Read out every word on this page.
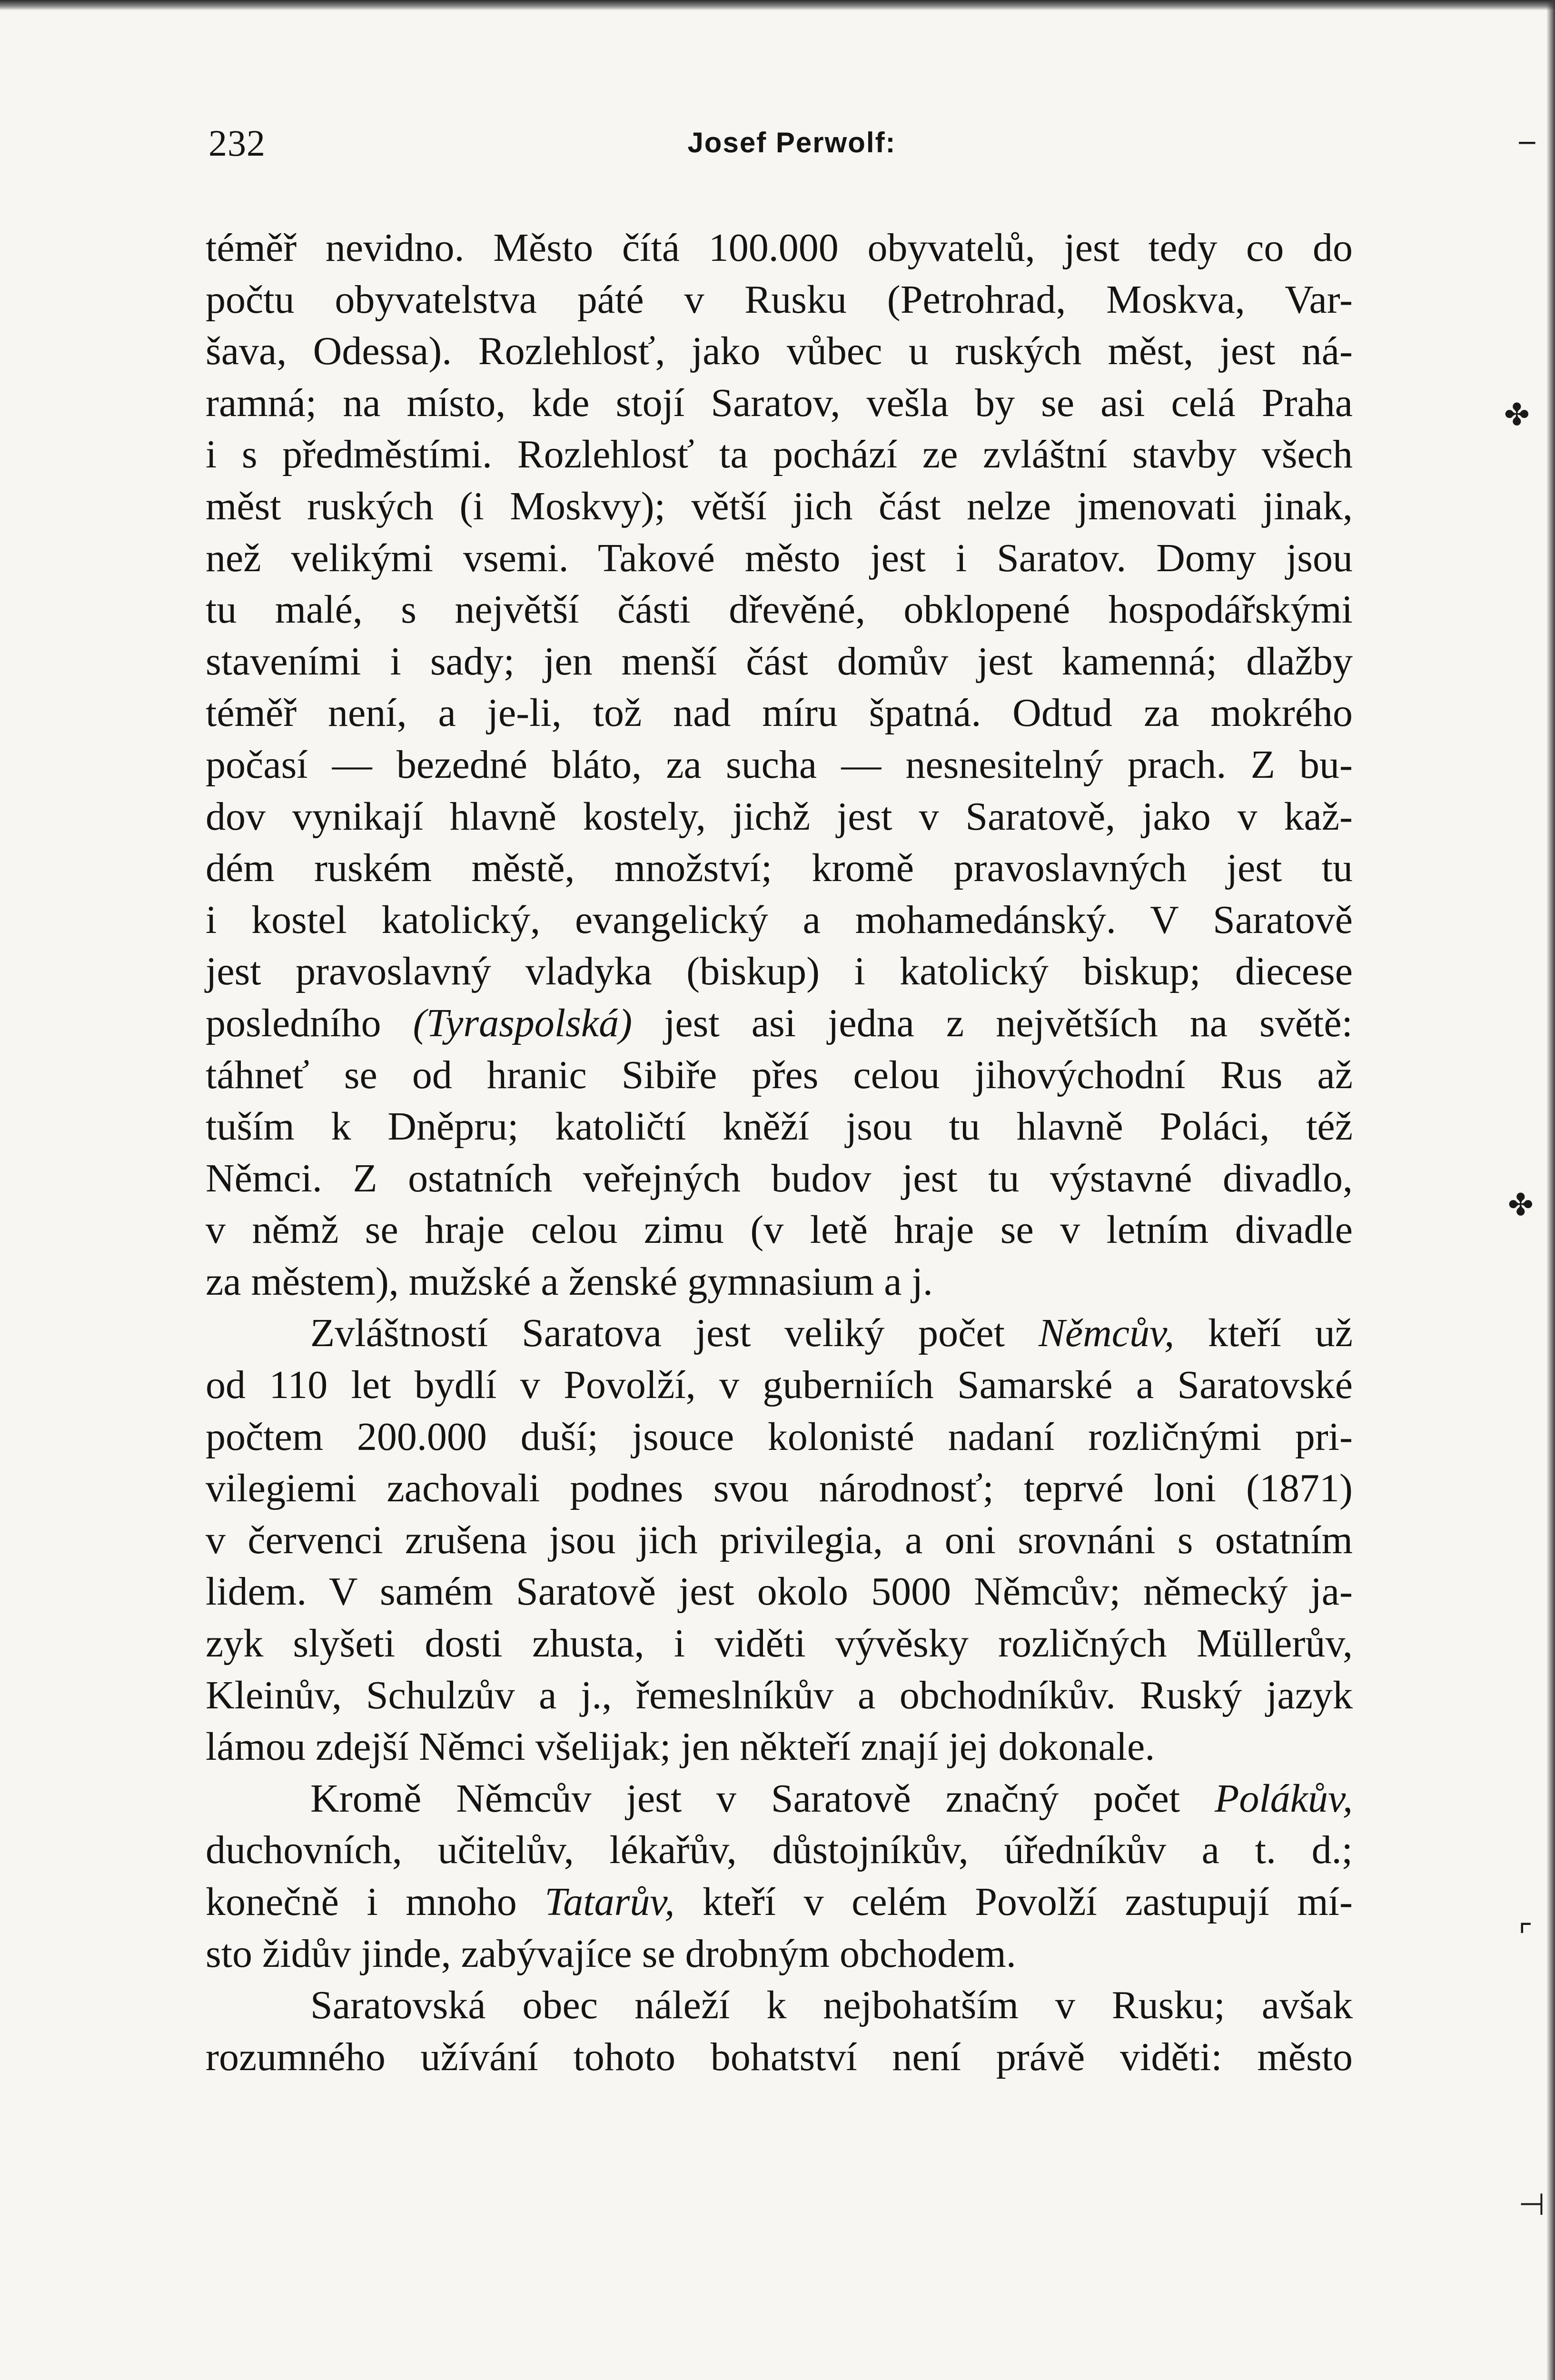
232	Josef Perwolf:
téměř nevidno. Město čítá 100.000 obyvatelů, jest tedy co do
počtu obyvatelstva páté v Rusku (Petrohrad, Moskva, Var-
šava, Odessa). Rozlehlosť, jako vůbec u ruských měst, jest ná-
ramná; na místo, kde stojí Saratov, vešla by se asi celá Praha
i s předměstími. Rozlehlosť ta pochází ze zvláštní stavby všech
měst ruských (i Moskvy); větší jich část nelze jmenovati jinak,
než velikými vsemi. Takové město jest i Saratov. Domy jsou
tu malé, s největší části dřevěné, obklopené hospodářskými
staveními i sady; jen menší část domův jest kamenná; dlažby
téměř není, a je-li, tož nad míru špatná. Odtud za mokrého
počasí — bezedné bláto, za sucha — nesnesitelný prach. Z bu-
dov vynikají hlavně kostely, jichž jest v Saratově, jako v kaž-
dém ruském městě, množství; kromě pravoslavných jest tu
i kostel katolický, evangelický a mohamedánský. V Saratově
jest pravoslavný vladyka (biskup) i katolický biskup; diecese
posledního (Tyraspolská) jest asi jedna z největších na světě:
táhneť se od hranic Sibiře přes celou jihovýchodní Rus až
tuším k Dněpru; katoličtí kněží jsou tu hlavně Poláci, též
Němci. Z ostatních veřejných budov jest tu výstavné divadlo,
v němž se hraje celou zimu (v letě hraje se v letním divadle
za městem), mužské a ženské gymnasium a j.
Zvláštností Saratova jest veliký počet Němcův, kteří už
od 110 let bydlí v Povolží, v guberniích Samarské a Saratovské
počtem 200.000 duší; jsouce kolonisté nadaní rozličnými pri-
vilegiemi zachovali podnes svou národnosť; teprvé loni (1871)
v červenci zrušena jsou jich privilegia, a oni srovnáni s ostatním
lidem. V samém Saratově jest okolo 5000 Němcův; německý ja-
zyk slyšeti dosti zhusta, i viděti vývěsky rozličných Müllerův,
Kleinův, Schulzův a j., řemeslníkův a obchodníkův. Ruský jazyk
lámou zdejší Němci všelijak; jen někteří znají jej dokonale.
Kromě Němcův jest v Saratově značný počet Polákův,
duchovních, učitelův, lékařův, důstojníkův, úředníkův a t. d.;
konečně i mnoho Tatarův, kteří v celém Povolží zastupují mí-
sto židův jinde, zabývajíce se drobným obchodem.
Saratovská obec náleží k nejbohatším v Rusku; avšak
rozumného užívání tohoto bohatství není právě viděti: město
‒
✤
✤
⌜
⊣
